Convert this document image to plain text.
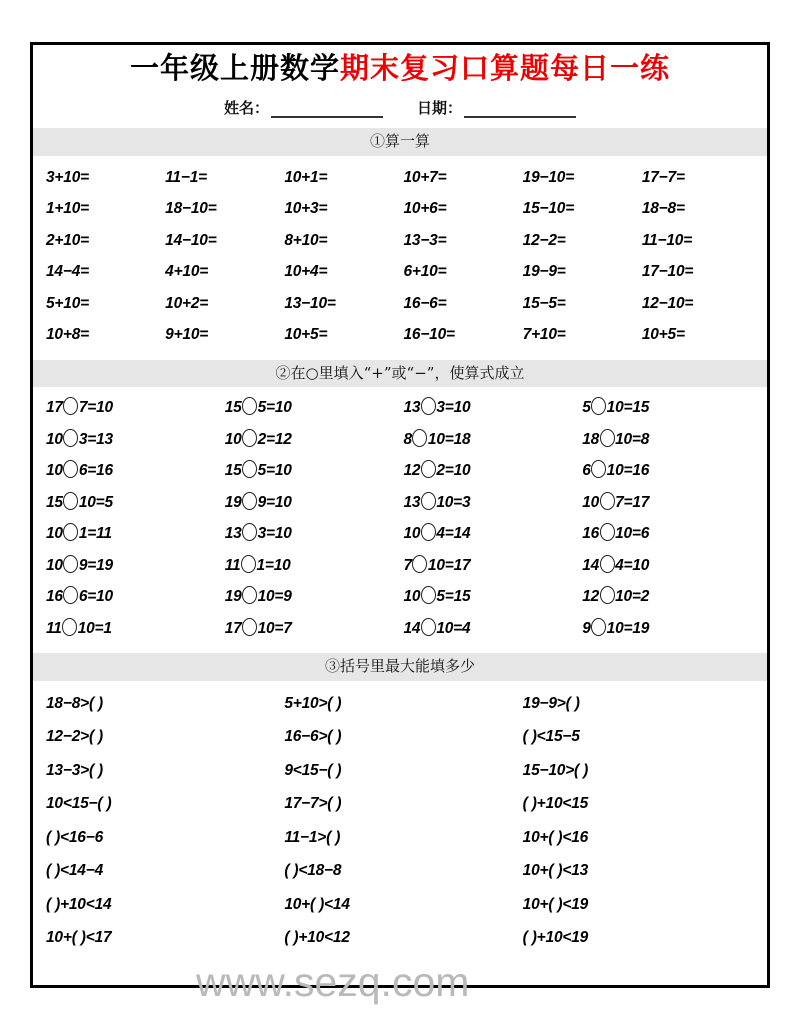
一年级上册数学期末复习口算题每日一练
姓名：	日期：
①算一算
3+10=	11−1=	10+1=	10+7=	19−10=	17−7=
1+10=	18−10=	10+3=	10+6=	15−10=	18−8=
2+10=	14−10=	8+10=	13−3=	12−2=	11−10=
14−4=	4+10=	10+4=	6+10=	19−9=	17−10=
5+10=	10+2=	13−10=	16−6=	15−5=	12−10=
10+8=	9+10=	10+5=	16−10=	7+10=	10+5=
②在○里填入“+”或“−”，使算式成立
17 7=10	15 5=10	13 3=10	5 10=15
10 3=13	10 2=12	8 10=18	18 10=8
10 6=16	15 5=10	12 2=10	6 10=16
15 10=5	19 9=10	13 10=3	10 7=17
10 1=11	13 3=10	10 4=14	16 10=6
10 9=19	11 1=10	7 10=17	14 4=10
16 6=10	19 10=9	10 5=15	12 10=2
11 10=1	17 10=7	14 10=4	9 10=19
③括号里最大能填多少
18−8>( )	5+10>( )	19−9>( )
12−2>( )	16−6>( )	( )<15−5
13−3>( )	9<15−( )	15−10>( )
10<15−( )	17−7>( )	( )+10<15
( )<16−6	11−1>( )	10+( )<16
( )<14−4	( )<18−8	10+( )<13
( )+10<14	10+( )<14	10+( )<19
10+( )<17	( )+10<12	( )+10<19
www.sezq.com
